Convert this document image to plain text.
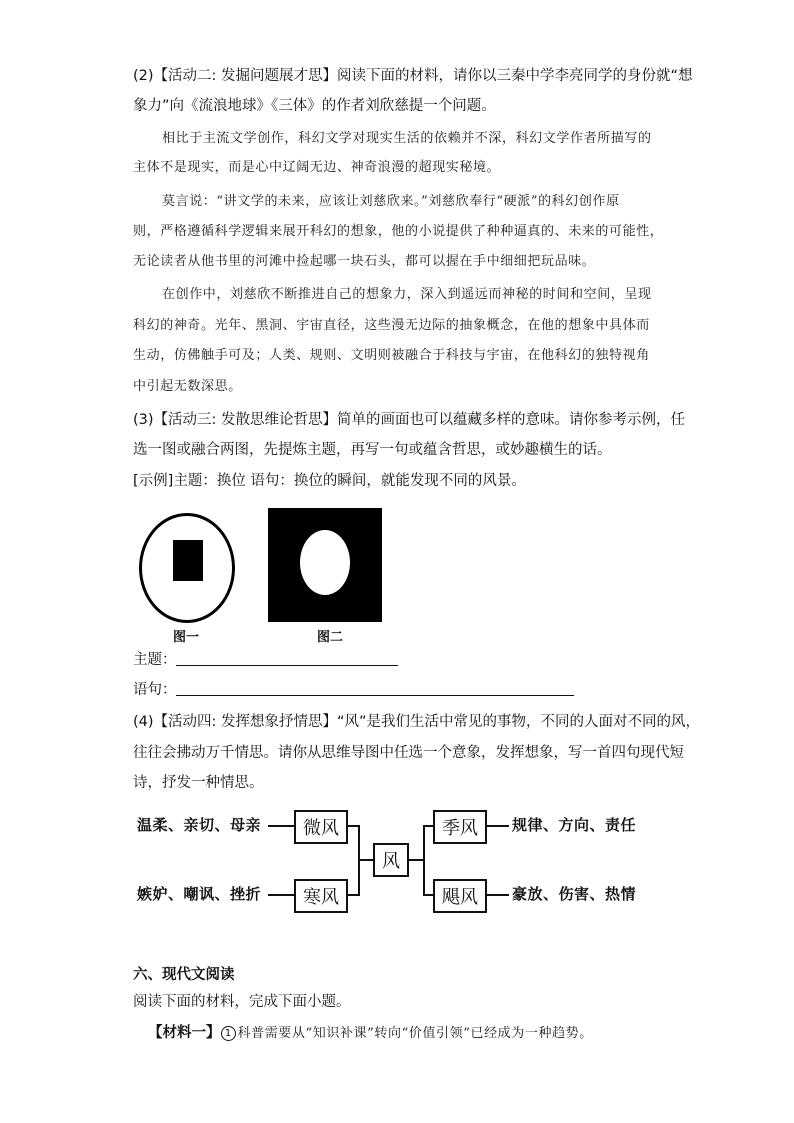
(2)【活动二: 发掘问题展才思】阅读下面的材料，请你以三秦中学李亮同学的身份就“想
象力”向《流浪地球》《三体》的作者刘欣慈提一个问题。
相比于主流文学创作，科幻文学对现实生活的依赖并不深，科幻文学作者所描写的
主体不是现实，而是心中辽阔无边、神奇浪漫的超现实秘境。
莫言说：“讲文学的未来，应该让刘慈欣来。”刘慈欣奉行“硬派”的科幻创作原
则，严格遵循科学逻辑来展开科幻的想象，他的小说提供了种种逼真的、未来的可能性，
无论读者从他书里的河滩中捡起哪一块石头，都可以握在手中细细把玩品味。
在创作中，刘慈欣不断推进自己的想象力，深入到遥远而神秘的时间和空间，呈现
科幻的神奇。光年、黑洞、宇宙直径，这些漫无边际的抽象概念，在他的想象中具体而
生动，仿佛触手可及；人类、规则、文明则被融合于科技与宇宙，在他科幻的独特视角
中引起无数深思。
(3)【活动三: 发散思维论哲思】简单的画面也可以蕴藏多样的意味。请你参考示例，任
选一图或融合两图，先提炼主题，再写一句或蕴含哲思，或妙趣横生的话。
[示例]主题：换位 语句：换位的瞬间，就能发现不同的风景。
图一	图二
主题：
语句：
(4)【活动四: 发挥想象抒情思】“风”是我们生活中常见的事物，不同的人面对不同的风，
往往会拂动万千情思。请你从思维导图中任选一个意象，发挥想象，写一首四句现代短
诗，抒发一种情思。
温柔、亲切、母亲
嫉妒、嘲讽、挫折
规律、方向、责任
豪放、伤害、热情
微风
寒风
风
季风
飓风
六、现代文阅读
阅读下面的材料，完成下面小题。
【材料一】 1 科普需要从“知识补课”转向“价值引领”已经成为一种趋势。
